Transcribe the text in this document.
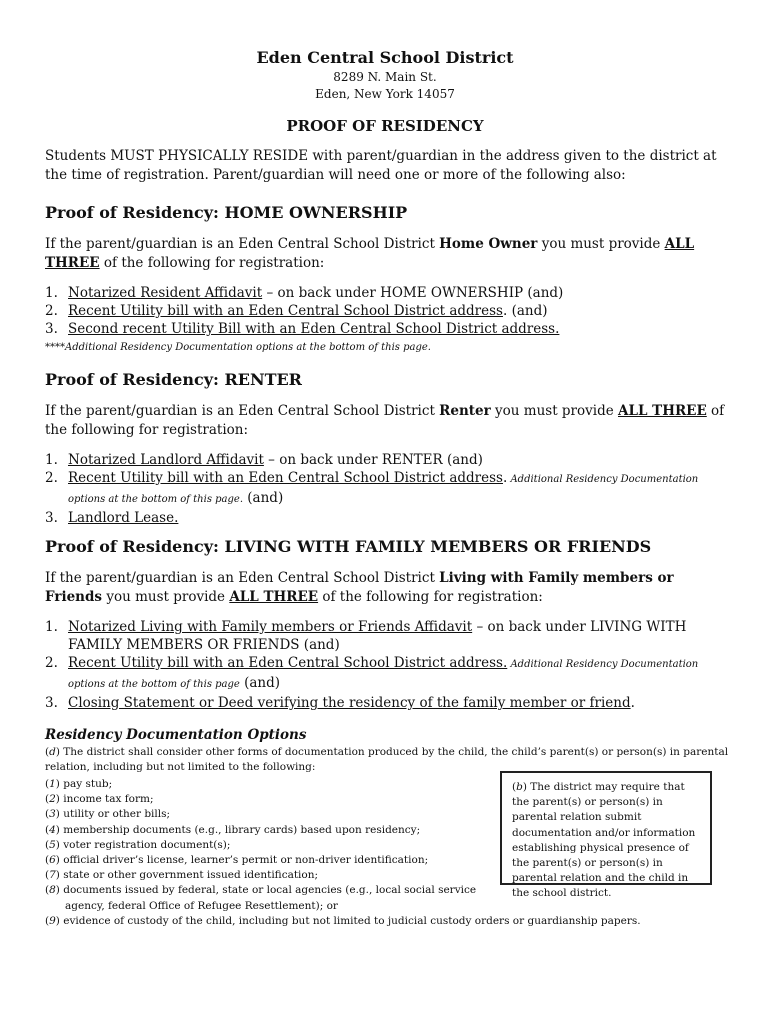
Eden Central School District
8289 N. Main St.
Eden, New York 14057
PROOF OF RESIDENCY
Students MUST PHYSICALLY RESIDE with parent/guardian in the address given to the district at the time of registration. Parent/guardian will need one or more of the following also:
Proof of Residency: HOME OWNERSHIP
If the parent/guardian is an Eden Central School District Home Owner you must provide ALL THREE of the following for registration:
1. Notarized Resident Affidavit – on back under HOME OWNERSHIP (and)
2. Recent Utility bill with an Eden Central School District address. (and)
3. Second recent Utility Bill with an Eden Central School District address.
****Additional Residency Documentation options at the bottom of this page.
Proof of Residency: RENTER
If the parent/guardian is an Eden Central School District Renter you must provide ALL THREE of the following for registration:
1. Notarized Landlord Affidavit – on back under RENTER (and)
2. Recent Utility bill with an Eden Central School District address. Additional Residency Documentation options at the bottom of this page. (and)
3. Landlord Lease.
Proof of Residency: LIVING WITH FAMILY MEMBERS OR FRIENDS
If the parent/guardian is an Eden Central School District Living with Family members or Friends you must provide ALL THREE of the following for registration:
1. Notarized Living with Family members or Friends Affidavit – on back under LIVING WITH FAMILY MEMBERS OR FRIENDS (and)
2. Recent Utility bill with an Eden Central School District address. Additional Residency Documentation options at the bottom of this page (and)
3. Closing Statement or Deed verifying the residency of the family member or friend.
Residency Documentation Options
(d) The district shall consider other forms of documentation produced by the child, the child’s parent(s) or person(s) in parental relation, including but not limited to the following:
(1) pay stub;
(2) income tax form;
(3) utility or other bills;
(4) membership documents (e.g., library cards) based upon residency;
(5) voter registration document(s);
(6) official driver’s license, learner’s permit or non-driver identification;
(7) state or other government issued identification;
(8) documents issued by federal, state or local agencies (e.g., local social service
agency, federal Office of Refugee Resettlement); or
(9) evidence of custody of the child, including but not limited to judicial custody orders or guardianship papers.
(b) The district may require that the parent(s) or person(s) in parental relation submit documentation and/or information establishing physical presence of the parent(s) or person(s) in parental relation and the child in the school district.
